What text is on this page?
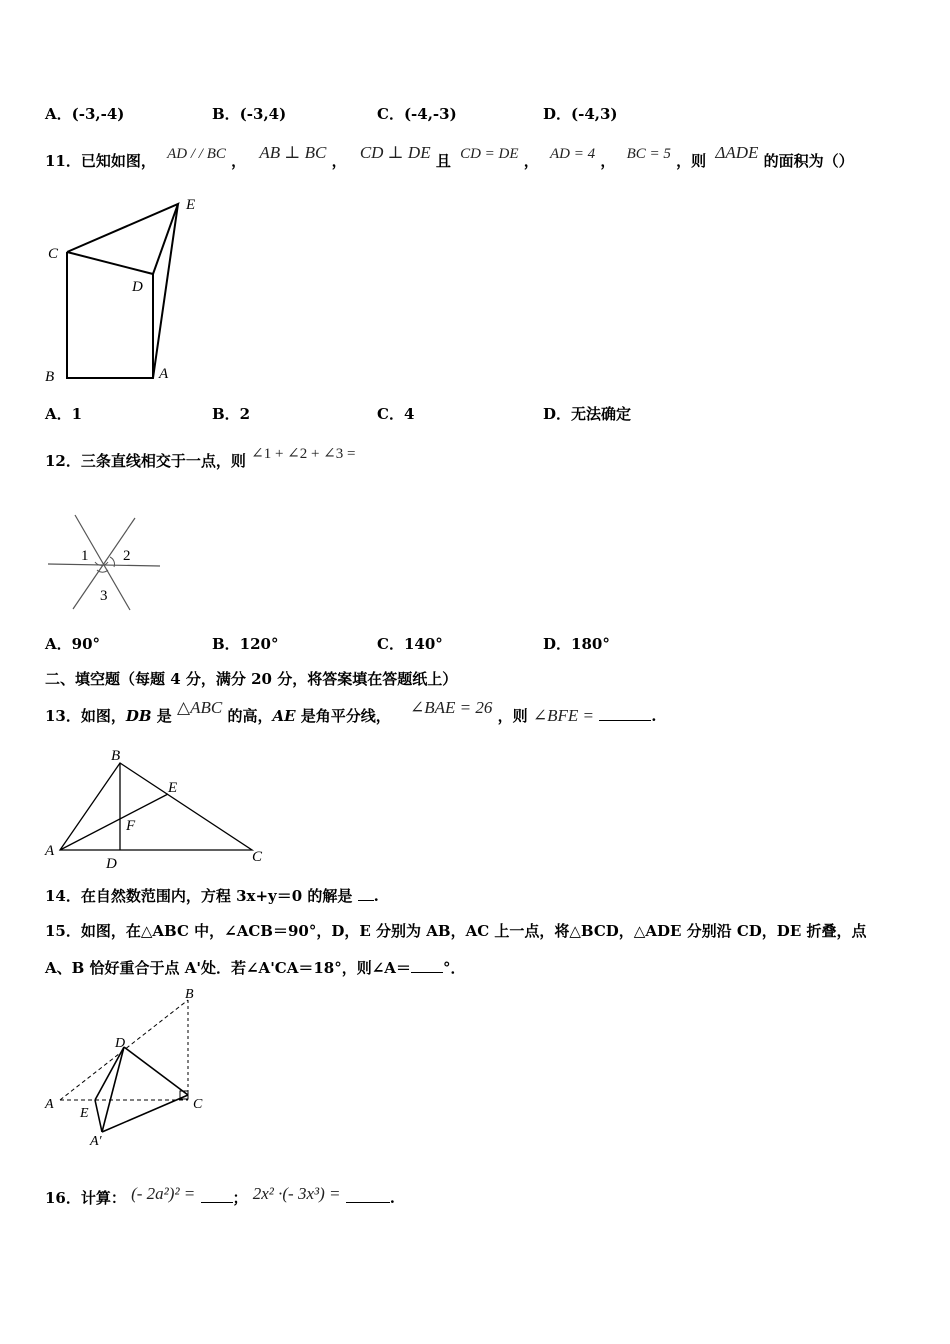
A．(-3,-4)	B．(-3,4)	C．(-4,-3)	D．(-4,3)
11．已知如图， AD / / BC ， AB ⊥ BC ， CD ⊥ DE 且 CD = DE ， AD = 4 ， BC = 5 ，则 ΔADE 的面积为（）
E
C
D
B	A
A．1	B．2	C．4	D．无法确定
12．三条直线相交于一点，则 ∠1 + ∠2 + ∠3 =
1 2
3
A．90°	B．120°	C．140°	D．180°
二、填空题（每题 4 分，满分 20 分，将答案填在答题纸上）
13．如图，DB 是 △ABC 的高，AE 是角平分线， ∠BAE = 26 ，则 ∠BFE =	.
B
E
F
A
D	C
14．在自然数范围内，方程 3x+y＝0 的解是 .
15．如图，在△ABC 中，∠ACB＝90°，D，E 分别为 AB，AC 上一点，将△BCD，△ADE 分别沿 CD，DE 折叠，点
A、B 恰好重合于点 A'处．若∠A'CA＝18°，则∠A＝ °．
B
D
A	C
E
A′
16．计算： (- 2a²)² = ； 2x² ·(- 3x³) =	.
